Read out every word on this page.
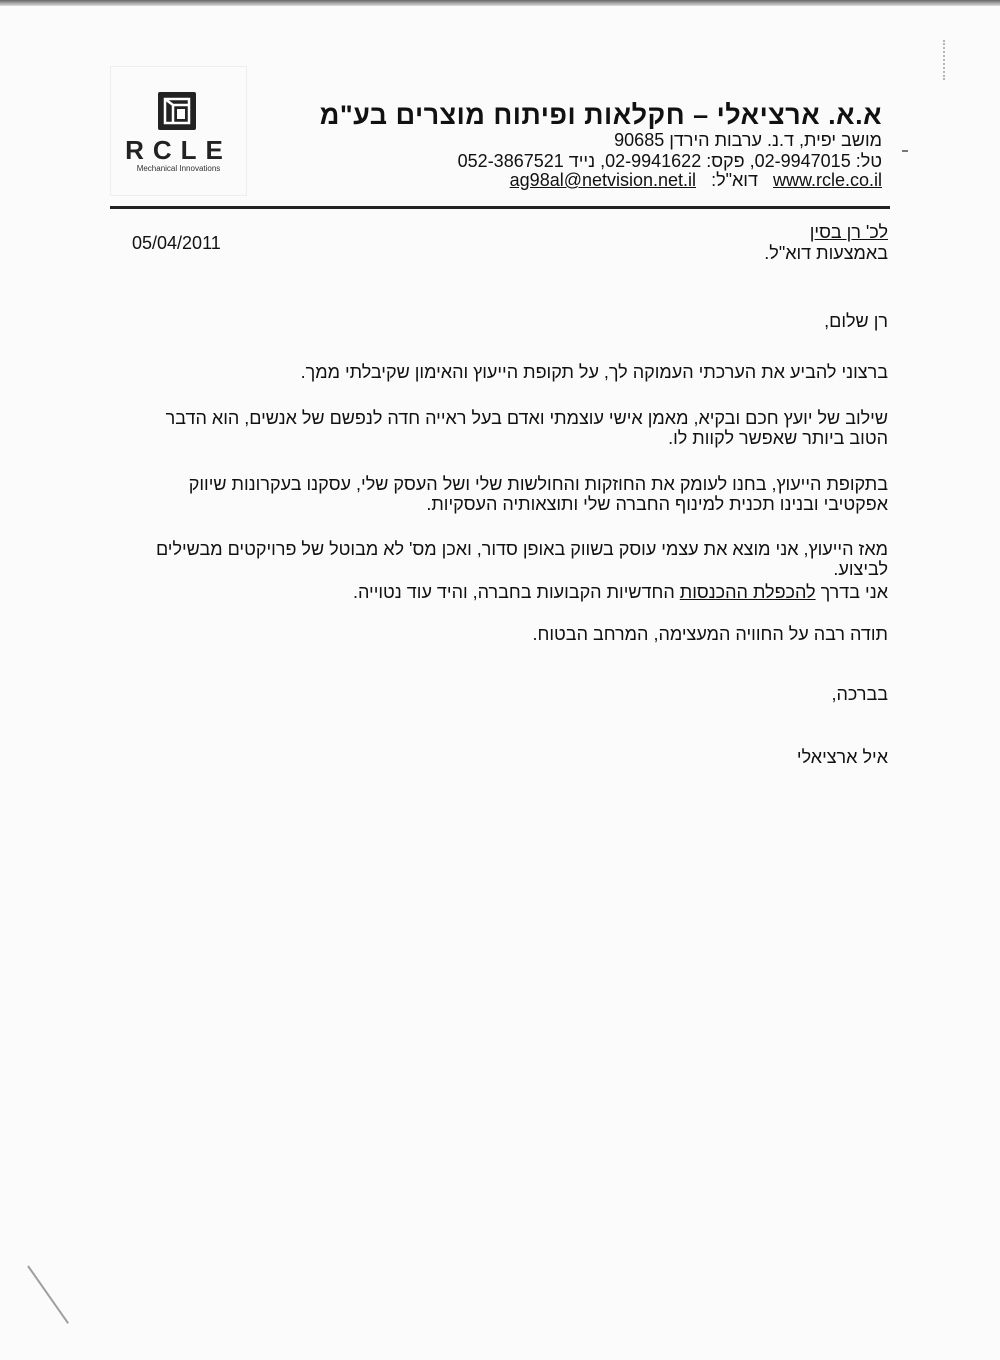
RCLE
Mechanical Innovations
א.א. ארציאלי – חקלאות ופיתוח מוצרים בע"מ
מושב יפית, ד.נ. ערבות הירדן 90685
טל: 02-9947015, פקס: 02-9941622, נייד 052-3867521
ag98al@netvision.net.il דוא"ל: www.rcle.co.il
05/04/2011
לכ' רן בסין
באמצעות דוא"ל.
רן שלום,
ברצוני להביע את הערכתי העמוקה לך, על תקופת הייעוץ והאימון שקיבלתי ממך.
שילוב של יועץ חכם ובקיא, מאמן אישי עוצמתי ואדם בעל ראייה חדה לנפשם של אנשים, הוא הדבר
הטוב ביותר שאפשר לקוות לו.
בתקופת הייעוץ, בחנו לעומק את החוזקות והחולשות שלי ושל העסק שלי, עסקנו בעקרונות שיווק
אפקטיבי ובנינו תכנית למינוף החברה שלי ותוצאותיה העסקיות.
מאז הייעוץ, אני מוצא את עצמי עוסק בשווק באופן סדור, ואכן מס' לא מבוטל של פרויקטים מבשילים
לביצוע.
אני בדרך להכפלת ההכנסות החדשיות הקבועות בחברה, והיד עוד נטוייה.
תודה רבה על החוויה המעצימה, המרחב הבטוח.
בברכה,
איל ארציאלי
